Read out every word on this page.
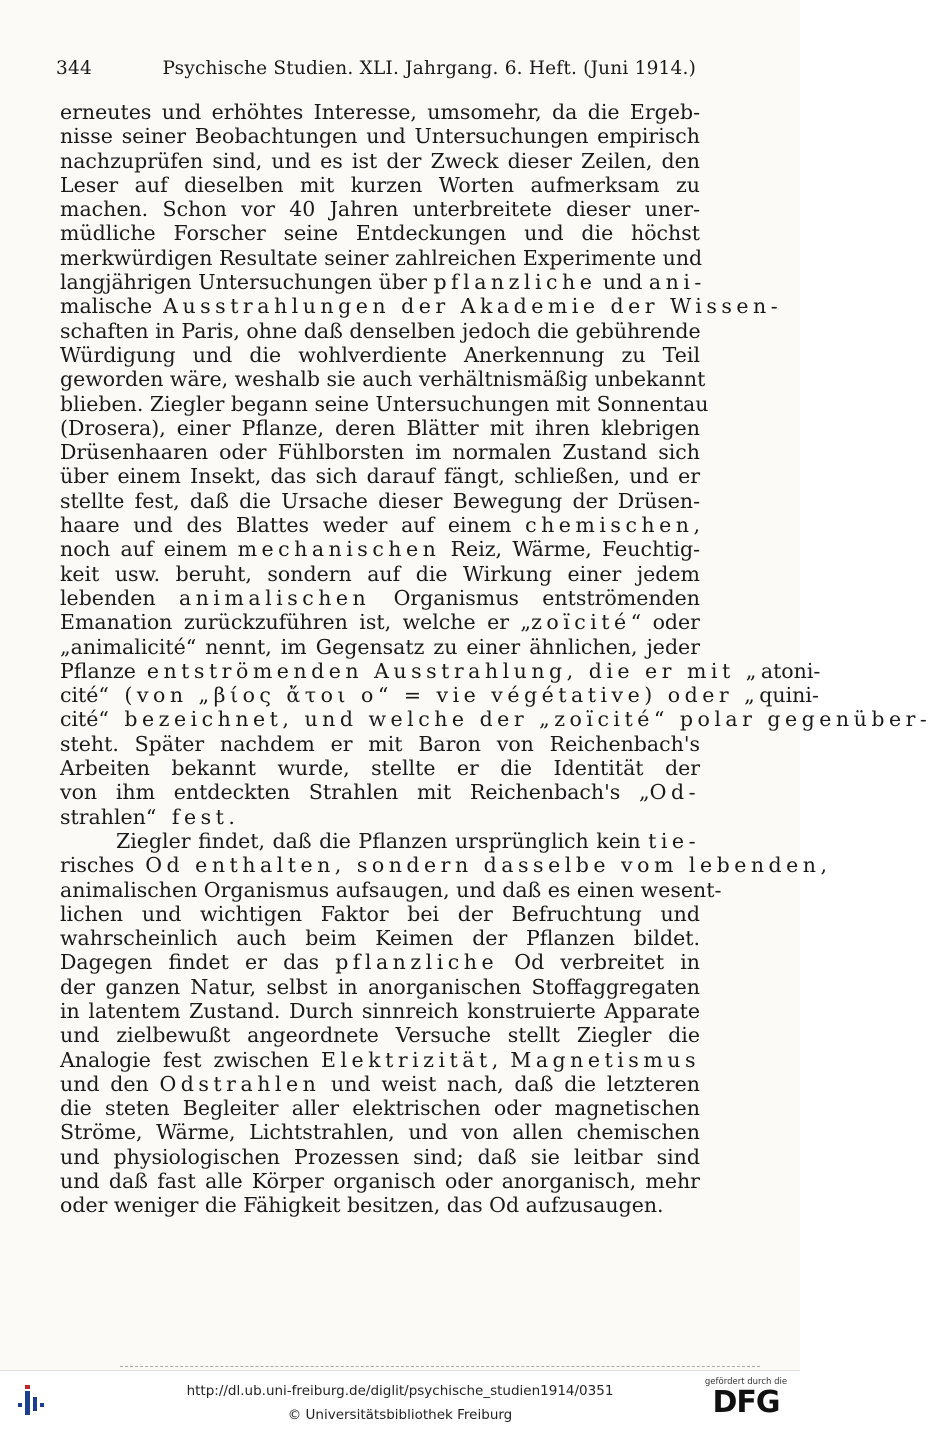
344	Psychische Studien. XLI. Jahrgang. 6. Heft. (Juni 1914.)
erneutes und erhöhtes Interesse, umsomehr, da die Ergeb-
nisse seiner Beobachtungen und Untersuchungen empirisch
nachzuprüfen sind, und es ist der Zweck dieser Zeilen, den
Leser auf dieselben mit kurzen Worten aufmerksam zu
machen. Schon vor 40 Jahren unterbreitete dieser uner-
müdliche Forscher seine Entdeckungen und die höchst
merkwürdigen Resultate seiner zahlreichen Experimente und
langjährigen Untersuchungen über pflanzliche und ani-
malische Ausstrahlungen der Akademie der Wissen-
schaften in Paris, ohne daß denselben jedoch die gebührende
Würdigung und die wohlverdiente Anerkennung zu Teil
geworden wäre, weshalb sie auch verhältnismäßig unbekannt
blieben. Ziegler begann seine Untersuchungen mit Sonnentau
(Drosera), einer Pflanze, deren Blätter mit ihren klebrigen
Drüsenhaaren oder Fühlborsten im normalen Zustand sich
über einem Insekt, das sich darauf fängt, schließen, und er
stellte fest, daß die Ursache dieser Bewegung der Drüsen-
haare und des Blattes weder auf einem chemischen,
noch auf einem mechanischen Reiz, Wärme, Feuchtig-
keit usw. beruht, sondern auf die Wirkung einer jedem
lebenden animalischen Organismus entströmenden
Emanation zurückzuführen ist, welche er „zoïcité“ oder
„animalicité“ nennt, im Gegensatz zu einer ähnlichen, jeder
Pflanze entströmenden Ausstrahlung, die er mit „atoni-
cité“ (von „βίος ἄτοι ο“ = vie végétative) oder „quini-
cité“ bezeichnet, und welche der „zoïcité“ polar gegenüber-
steht. Später nachdem er mit Baron von Reichenbach's
Arbeiten bekannt wurde, stellte er die Identität der
von ihm entdeckten Strahlen mit Reichenbach's „Od-
strahlen“ fest.
Ziegler findet, daß die Pflanzen ursprünglich kein tie-
risches Od enthalten, sondern dasselbe vom lebenden,
animalischen Organismus aufsaugen, und daß es einen wesent-
lichen und wichtigen Faktor bei der Befruchtung und
wahrscheinlich auch beim Keimen der Pflanzen bildet.
Dagegen findet er das pflanzliche Od verbreitet in
der ganzen Natur, selbst in anorganischen Stoffaggregaten
in latentem Zustand. Durch sinnreich konstruierte Apparate
und zielbewußt angeordnete Versuche stellt Ziegler die
Analogie fest zwischen Elektrizität, Magnetismus
und den Odstrahlen und weist nach, daß die letzteren
die steten Begleiter aller elektrischen oder magnetischen
Ströme, Wärme, Lichtstrahlen, und von allen chemischen
und physiologischen Prozessen sind; daß sie leitbar sind
und daß fast alle Körper organisch oder anorganisch, mehr
oder weniger die Fähigkeit besitzen, das Od aufzusaugen.
http://dl.ub.uni-freiburg.de/diglit/psychische_studien1914/0351
© Universitätsbibliothek Freiburg
gefördert durch die
DFG
